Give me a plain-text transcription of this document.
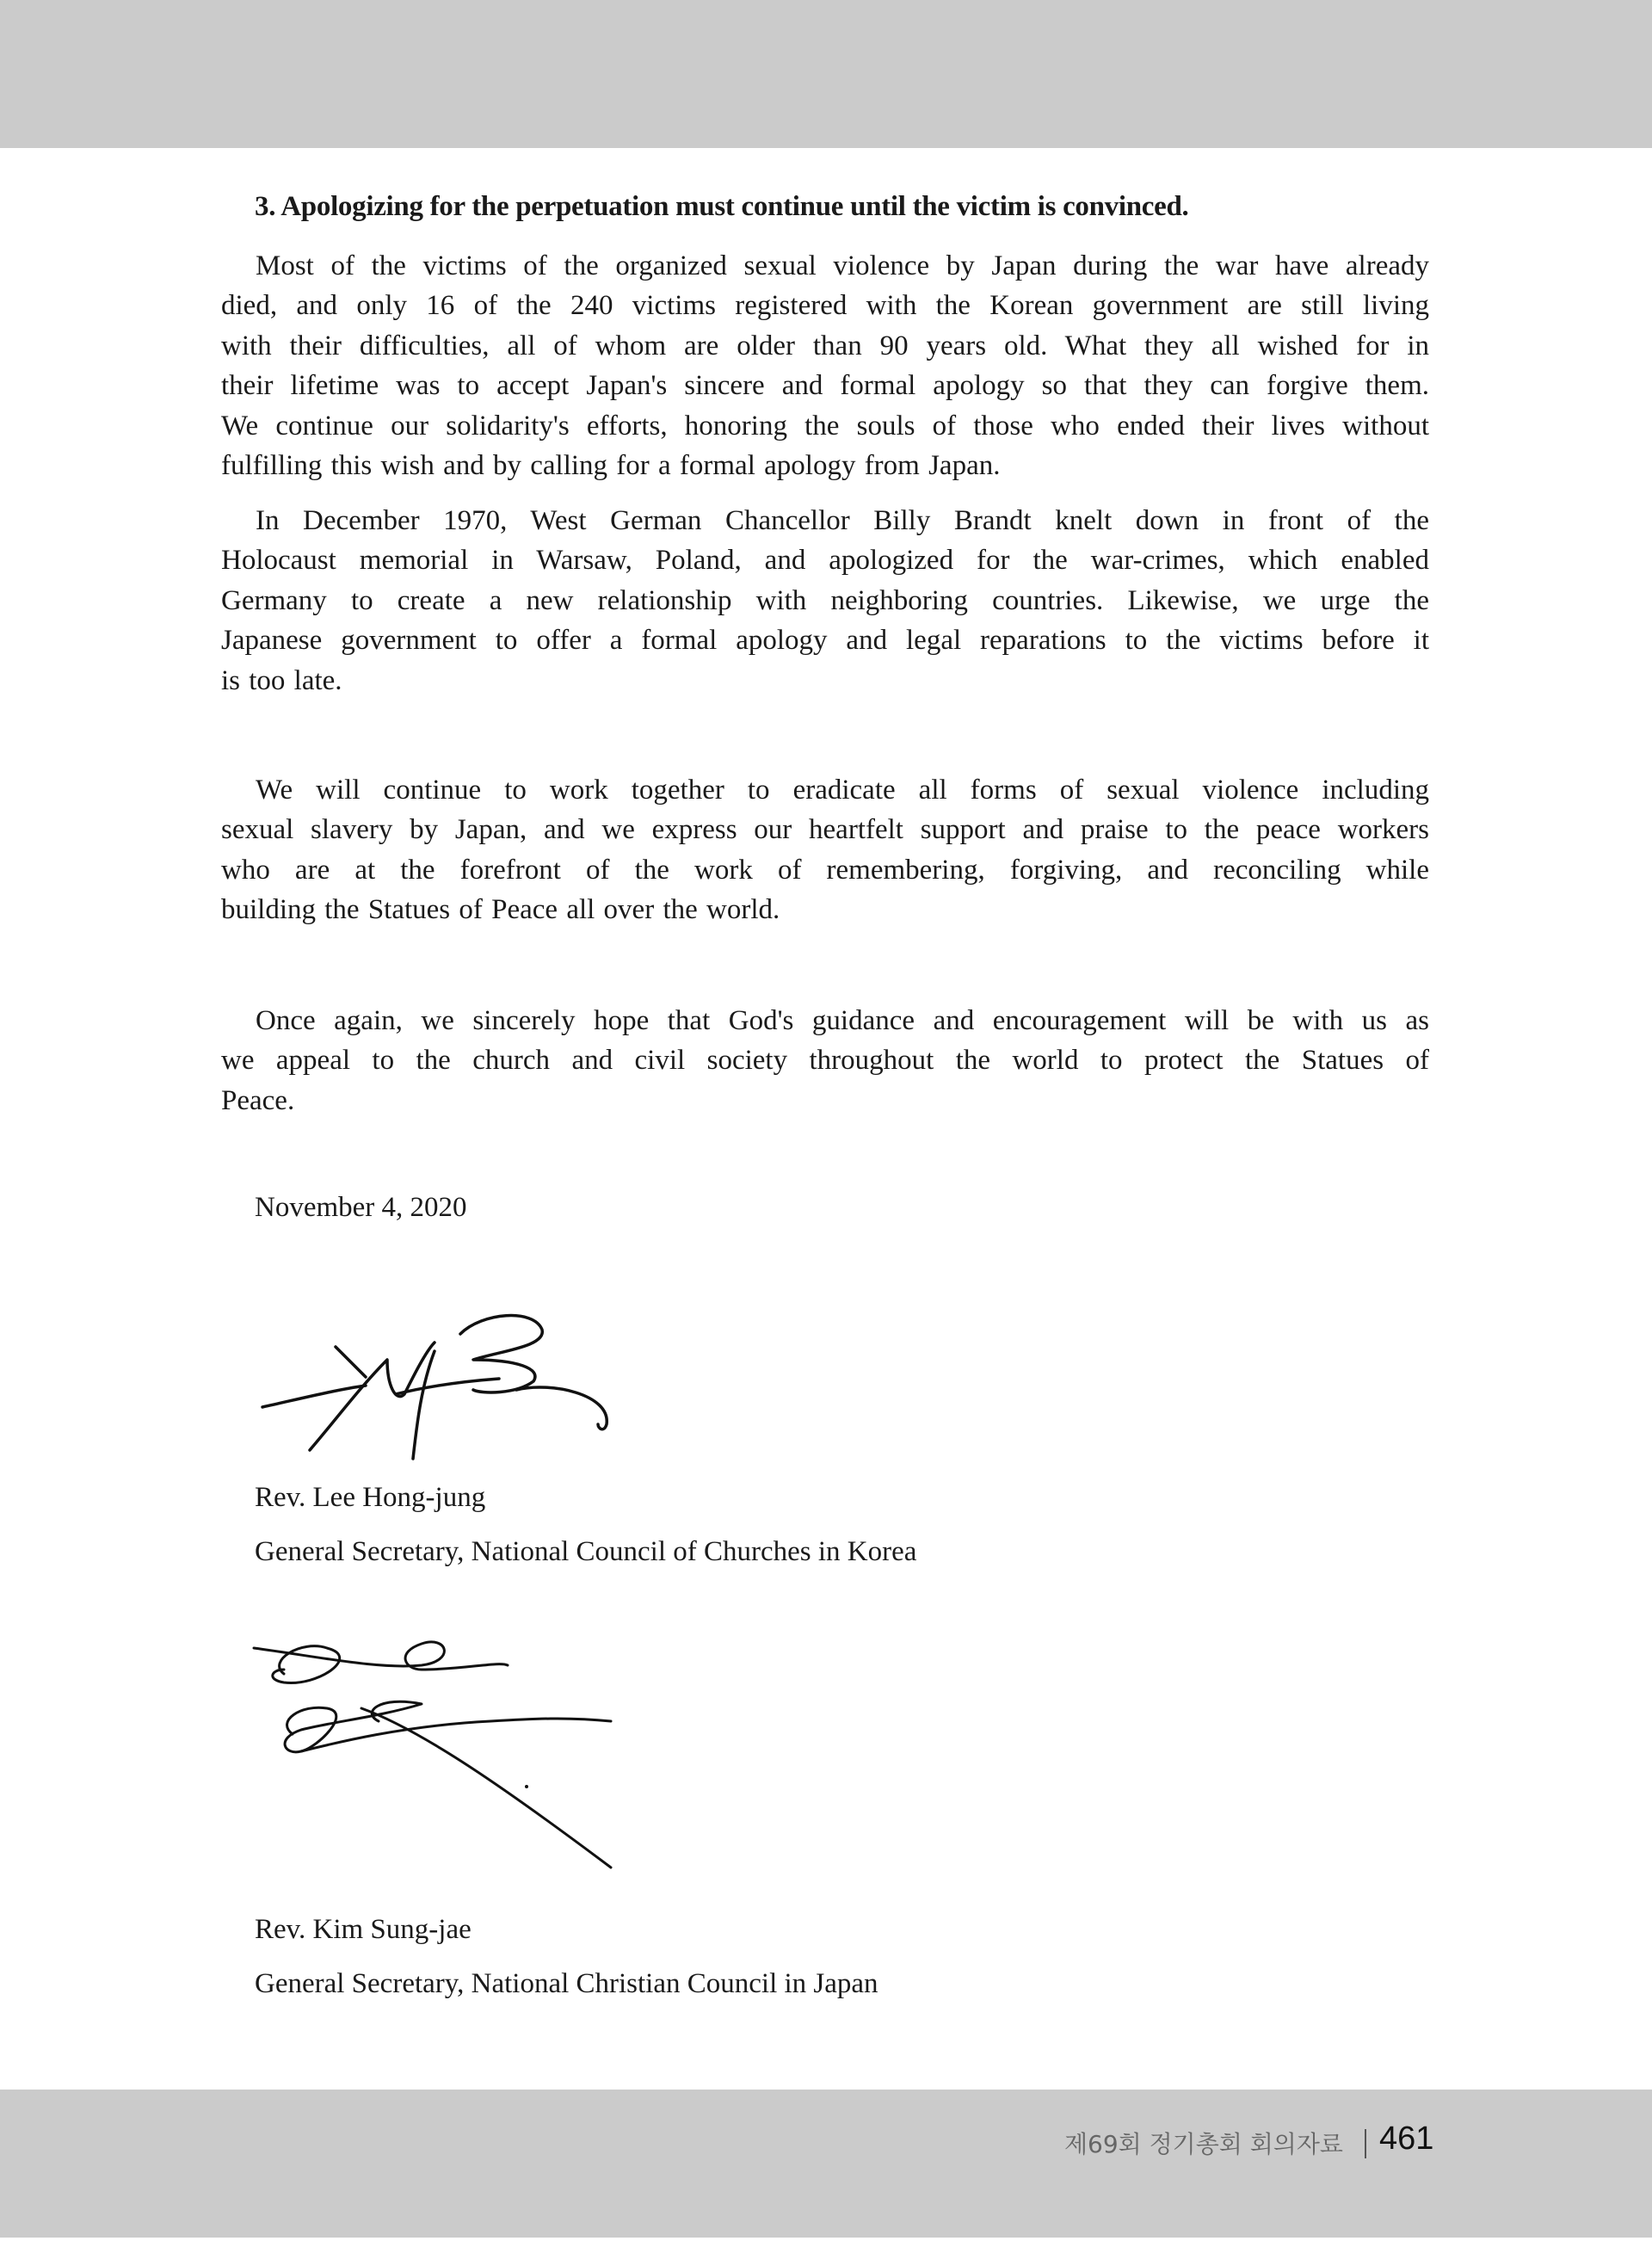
3. Apologizing for the perpetuation must continue until the victim is convinced.
Most of the victims of the organized sexual violence by Japan during the war have already
died, and only 16 of the 240 victims registered with the Korean government are still living
with their difficulties, all of whom are older than 90 years old. What they all wished for in
their lifetime was to accept Japan's sincere and formal apology so that they can forgive them.
We continue our solidarity's efforts, honoring the souls of those who ended their lives without
fulfilling this wish and by calling for a formal apology from Japan.
In December 1970, West German Chancellor Billy Brandt knelt down in front of the
Holocaust memorial in Warsaw, Poland, and apologized for the war-crimes, which enabled
Germany to create a new relationship with neighboring countries. Likewise, we urge the
Japanese government to offer a formal apology and legal reparations to the victims before it
is too late.
We will continue to work together to eradicate all forms of sexual violence including
sexual slavery by Japan, and we express our heartfelt support and praise to the peace workers
who are at the forefront of the work of remembering, forgiving, and reconciling while
building the Statues of Peace all over the world.
Once again, we sincerely hope that God's guidance and encouragement will be with us as
we appeal to the church and civil society throughout the world to protect the Statues of
Peace.
November 4, 2020
Rev. Lee Hong-jung
General Secretary, National Council of Churches in Korea
Rev. Kim Sung-jae
General Secretary, National Christian Council in Japan
제69회 정기총회 회의자료 461
